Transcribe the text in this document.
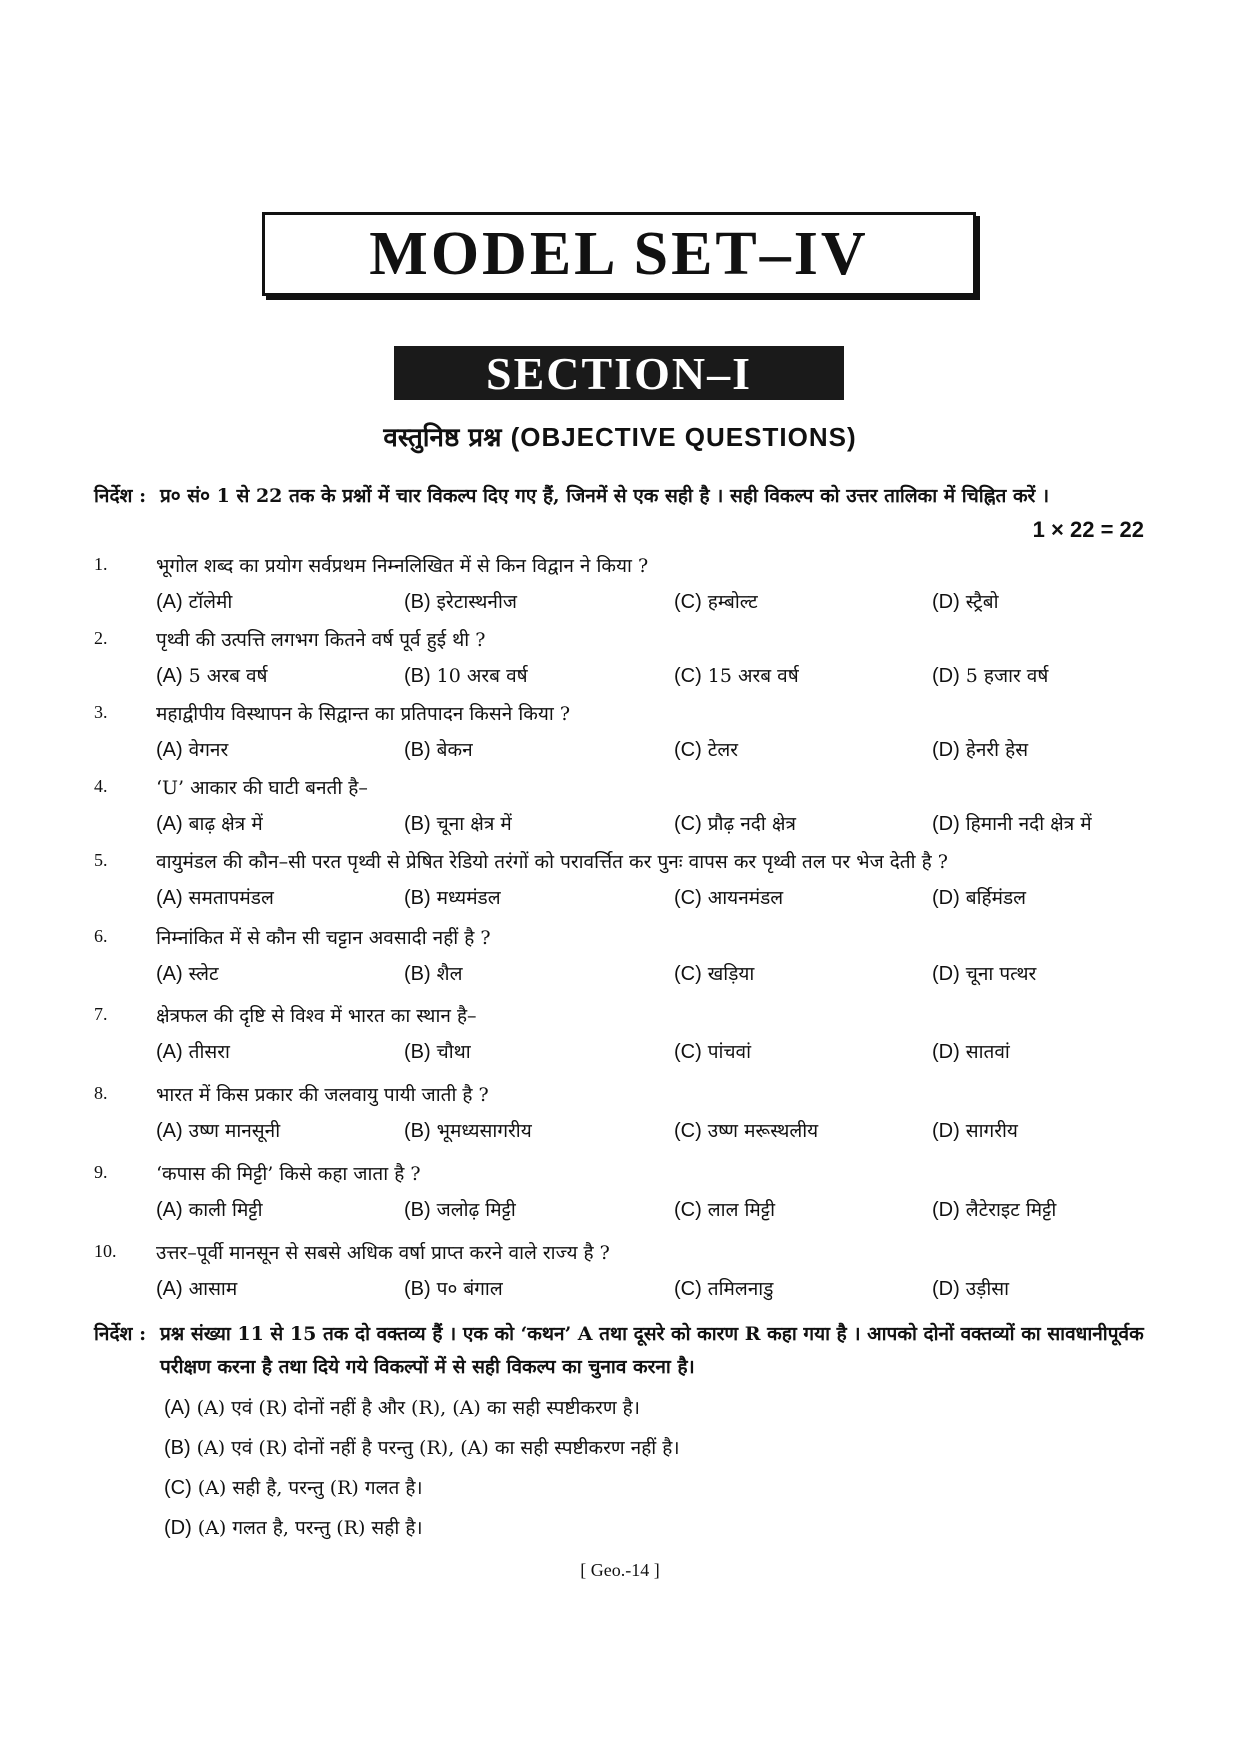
MODEL SET–IV
SECTION–I
वस्तुनिष्ठ प्रश्न (OBJECTIVE QUESTIONS)
निर्देश : प्र० सं० 1 से 22 तक के प्रश्नों में चार विकल्प दिए गए हैं, जिनमें से एक सही है । सही विकल्प को उत्तर तालिका में चिह्नित करें ।
1 × 22 = 22
1.	भूगोल शब्द का प्रयोग सर्वप्रथम निम्नलिखित में से किन विद्वान ने किया ?
(A) टॉलेमी	(B) इरेटास्थनीज	(C) हम्बोल्ट	(D) स्ट्रैबो
2.	पृथ्वी की उत्पत्ति लगभग कितने वर्ष पूर्व हुई थी ?
(A) 5 अरब वर्ष	(B) 10 अरब वर्ष	(C) 15 अरब वर्ष	(D) 5 हजार वर्ष
3.	महाद्वीपीय विस्थापन के सिद्वान्त का प्रतिपादन किसने किया ?
(A) वेगनर	(B) बेकन	(C) टेलर	(D) हेनरी हेस
4.	‘U’ आकार की घाटी बनती है–
(A) बाढ़ क्षेत्र में	(B) चूना क्षेत्र में	(C) प्रौढ़ नदी क्षेत्र	(D) हिमानी नदी क्षेत्र में
5.	वायुमंडल की कौन–सी परत पृथ्वी से प्रेषित रेडियो तरंगों को परावर्त्तित कर पुनः वापस कर पृथ्वी तल पर भेज देती है ?
(A) समतापमंडल	(B) मध्यमंडल	(C) आयनमंडल	(D) बर्हिमंडल
6.	निम्नांकित में से कौन सी चट्टान अवसादी नहीं है ?
(A) स्लेट	(B) शैल	(C) खड़िया	(D) चूना पत्थर
7.	क्षेत्रफल की दृष्टि से विश्व में भारत का स्थान है–
(A) तीसरा	(B) चौथा	(C) पांचवां	(D) सातवां
8.	भारत में किस प्रकार की जलवायु पायी जाती है ?
(A) उष्ण मानसूनी	(B) भूमध्यसागरीय	(C) उष्ण मरूस्थलीय	(D) सागरीय
9.	‘कपास की मिट्टी’ किसे कहा जाता है ?
(A) काली मिट्टी	(B) जलोढ़ मिट्टी	(C) लाल मिट्टी	(D) लैटेराइट मिट्टी
10. उत्तर–पूर्वी मानसून से सबसे अधिक वर्षा प्राप्त करने वाले राज्य है ?
(A) आसाम	(B) प० बंगाल	(C) तमिलनाडु	(D) उड़ीसा
निर्देश : प्रश्न संख्या 11 से 15 तक दो वक्तव्य हैं । एक को ‘कथन’ A तथा दूसरे को कारण R कहा गया है । आपको दोनों वक्तव्यों का सावधानीपूर्वक परीक्षण करना है तथा दिये गये विकल्पों में से सही विकल्प का चुनाव करना है।
(A) (A) एवं (R) दोनों नहीं है और (R), (A) का सही स्पष्टीकरण है।
(B) (A) एवं (R) दोनों नहीं है परन्तु (R), (A) का सही स्पष्टीकरण नहीं है।
(C) (A) सही है, परन्तु (R) गलत है।
(D) (A) गलत है, परन्तु (R) सही है।
[ Geo.-14 ]
